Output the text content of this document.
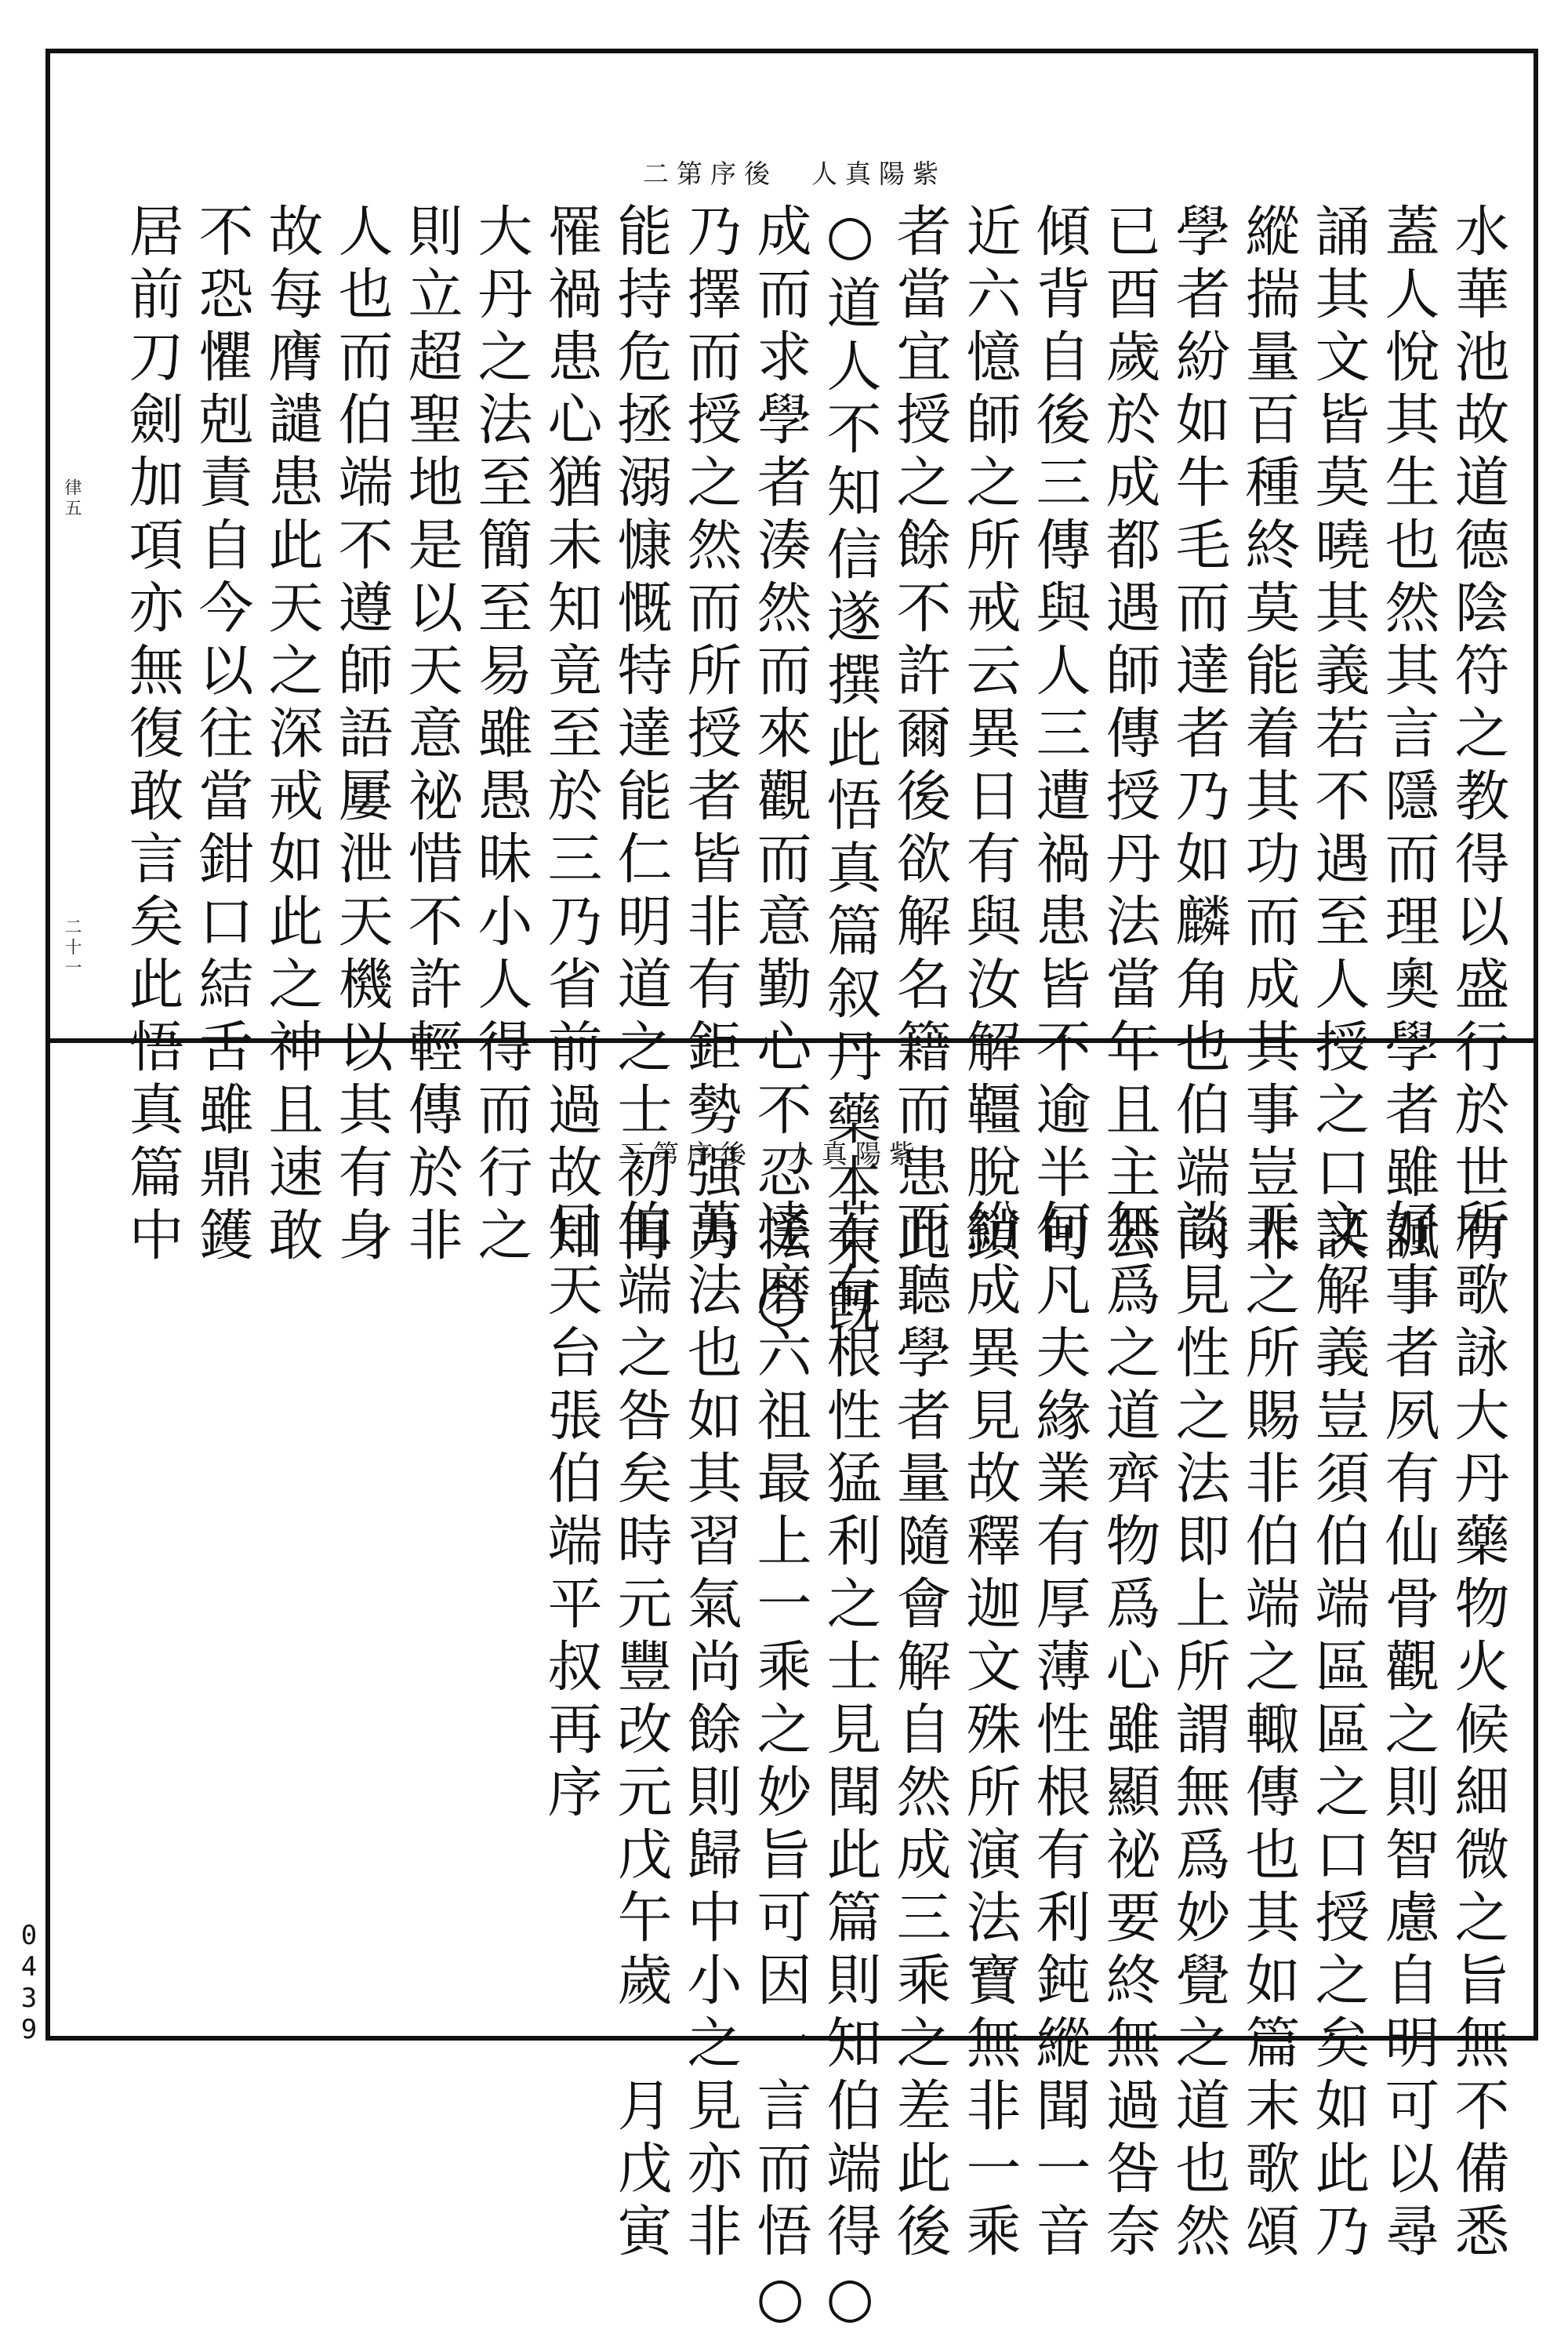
二第序後　人真陽紫
水華池故道德陰符之教得以盛行於世有
蓋人悅其生也然其言隱而理奧學者雖諷
誦其文皆莫曉其義若不遇至人授之口訣
縱揣量百種終莫能着其功而成其事豈非
學者紛如牛毛而達者乃如麟角也伯端向
已酉歲於成都遇師傳授丹法當年且主公
傾背自後三傳與人三遭禍患皆不逾半旬
近六憶師之所戒云異日有與汝解韁脫鎖
者當宜授之餘不許爾後欲解名籍而患此
○道人不知信遂撰此悟真篇叙丹藥本末旣
成而求學者湊然而來觀而意勤心不忍恡○
乃擇而授之然而所授者皆非有鉅勢强力
能持危拯溺慷慨特達能仁明道之士初再
罹禍患心猶未知竟至於三乃省前過故知
大丹之法至簡至易雖愚昧小人得而行之
則立超聖地是以天意祕惜不許輕傳於非
人也而伯端不遵師語屢泄天機以其有身
故每膺譴患此天之深戒如此之神且速敢
不恐懼剋責自今以往當鉗口結舌雖鼎鑊
居前刀劍加項亦無復敢言矣此悟真篇中
律五
二十一
三第序後　人真陽紫
所歌詠大丹藥物火候細微之旨無不備悉
好事者夙有仙骨觀之則智慮自明可以尋
文解義豈須伯端區區之口授之矣如此乃
天之所賜非伯端之輙傳也其如篇末歌頌
談見性之法即上所謂無爲妙覺之道也然
無爲之道齊物爲心雖顯祕要終無過咎奈
何凡夫緣業有厚薄性根有利鈍縱聞一音
紛成異見故釋迦文殊所演法寶無非一乘
而聽學者量隨會解自然成三乘之差此後
若有根性猛利之士見聞此篇則知伯端得○
達磨六祖最上一乘之妙旨可因一言而悟○
萬法也如其習氣尚餘則歸中小之見亦非
伯端之咎矣時元豐改元戊午歲　月戊寅
日天台張伯端平叔再序
0439
